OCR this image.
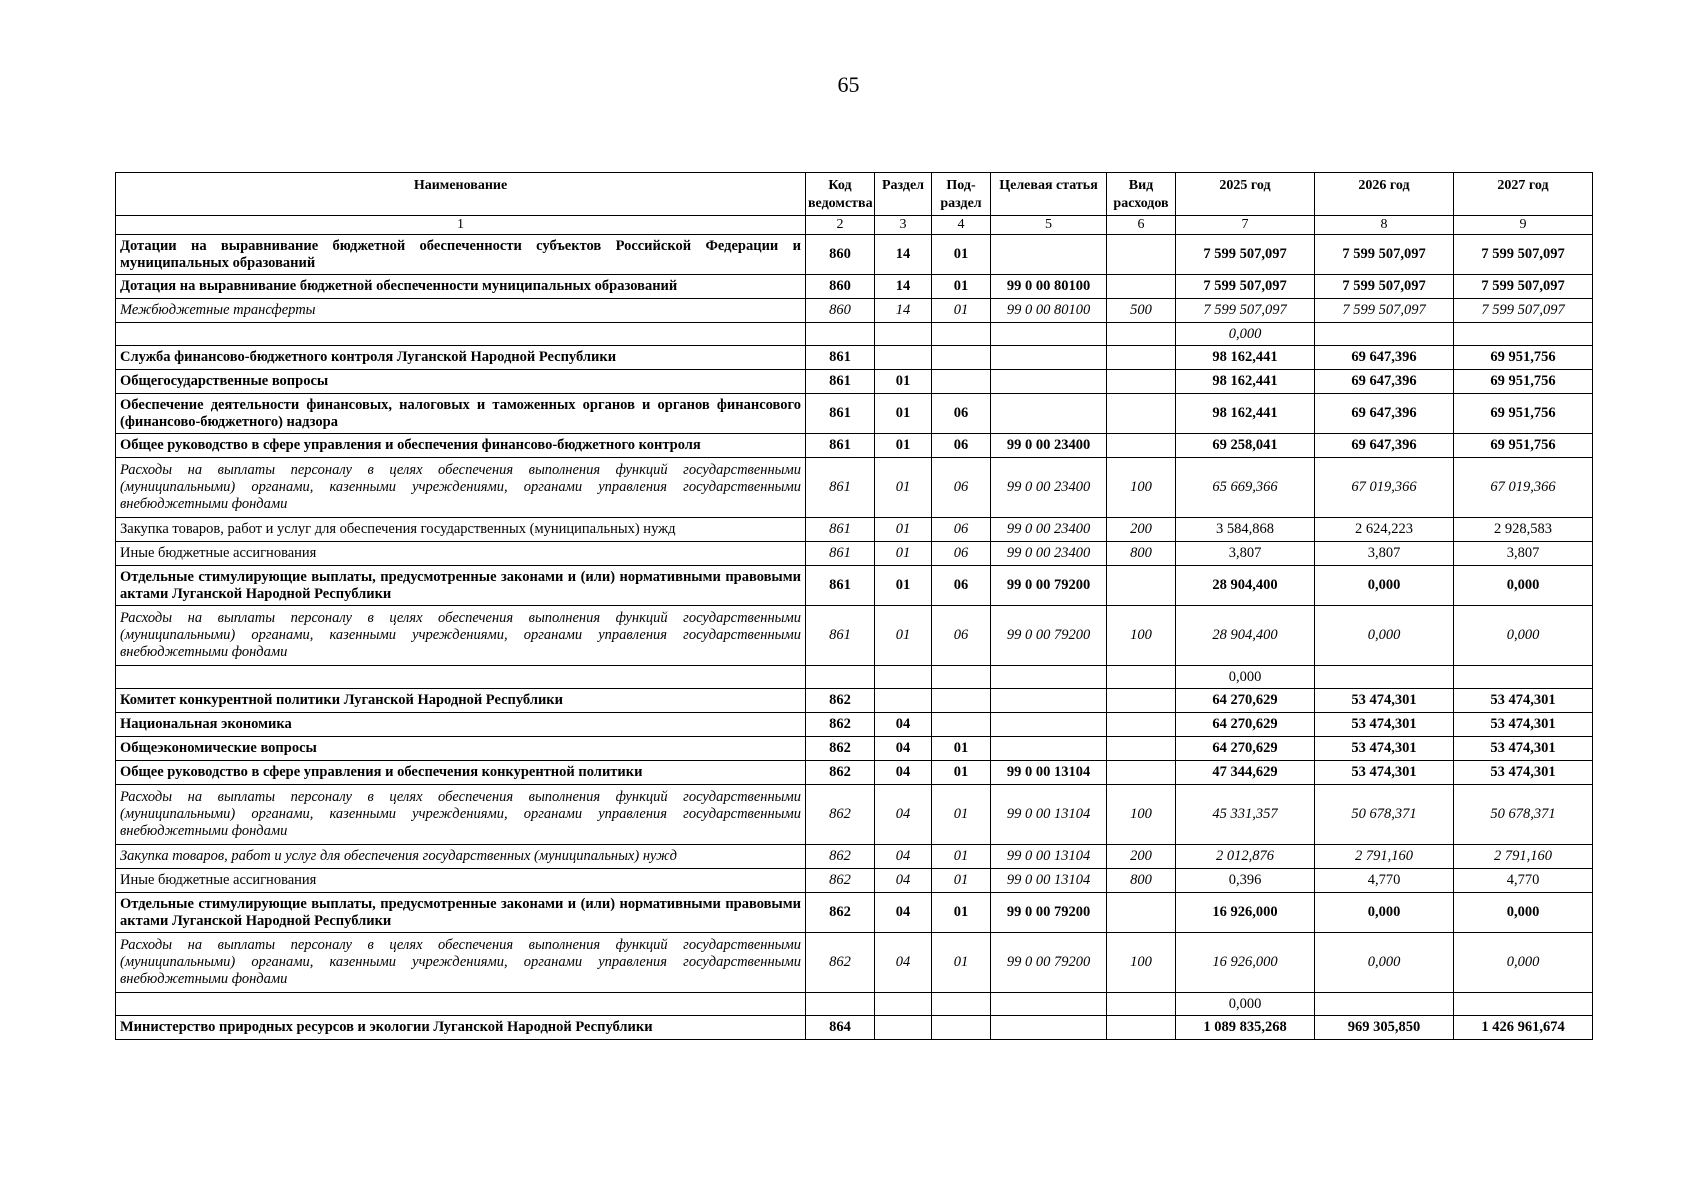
65
Наименование	Код ведомства	Раздел	Под-раздел	Целевая статья	Вид расходов	2025 год	2026 год	2027 год
1	2	3	4	5	6	7	8	9
Дотации на выравнивание бюджетной обеспеченности субъектов Российской Федерации и муниципальных образований	860	14	01			7 599 507,097	7 599 507,097	7 599 507,097
Дотация на выравнивание бюджетной обеспеченности муниципальных образований	860	14	01	99 0 00 80100		7 599 507,097	7 599 507,097	7 599 507,097
Межбюджетные трансферты	860	14	01	99 0 00 80100	500	7 599 507,097	7 599 507,097	7 599 507,097
						0,000		
Служба финансово-бюджетного контроля Луганской Народной Республики	861					98 162,441	69 647,396	69 951,756
Общегосударственные вопросы	861	01				98 162,441	69 647,396	69 951,756
Обеспечение деятельности финансовых, налоговых и таможенных органов и органов финансового (финансово-бюджетного) надзора	861	01	06			98 162,441	69 647,396	69 951,756
Общее руководство в сфере управления и обеспечения финансово-бюджетного контроля	861	01	06	99 0 00 23400		69 258,041	69 647,396	69 951,756
Расходы на выплаты персоналу в целях обеспечения выполнения функций государственными (муниципальными) органами, казенными учреждениями, органами управления государственными внебюджетными фондами	861	01	06	99 0 00 23400	100	65 669,366	67 019,366	67 019,366
Закупка товаров, работ и услуг для обеспечения государственных (муниципальных) нужд	861	01	06	99 0 00 23400	200	3 584,868	2 624,223	2 928,583
Иные бюджетные ассигнования	861	01	06	99 0 00 23400	800	3,807	3,807	3,807
Отдельные стимулирующие выплаты, предусмотренные законами и (или) нормативными правовыми актами Луганской Народной Республики	861	01	06	99 0 00 79200		28 904,400	0,000	0,000
Расходы на выплаты персоналу в целях обеспечения выполнения функций государственными (муниципальными) органами, казенными учреждениями, органами управления государственными внебюджетными фондами	861	01	06	99 0 00 79200	100	28 904,400	0,000	0,000
						0,000		
Комитет конкурентной политики Луганской Народной Республики	862					64 270,629	53 474,301	53 474,301
Национальная экономика	862	04				64 270,629	53 474,301	53 474,301
Общеэкономические вопросы	862	04	01			64 270,629	53 474,301	53 474,301
Общее руководство в сфере управления и обеспечения конкурентной политики	862	04	01	99 0 00 13104		47 344,629	53 474,301	53 474,301
Расходы на выплаты персоналу в целях обеспечения выполнения функций государственными (муниципальными) органами, казенными учреждениями, органами управления государственными внебюджетными фондами	862	04	01	99 0 00 13104	100	45 331,357	50 678,371	50 678,371
Закупка товаров, работ и услуг для обеспечения государственных (муниципальных) нужд	862	04	01	99 0 00 13104	200	2 012,876	2 791,160	2 791,160
Иные бюджетные ассигнования	862	04	01	99 0 00 13104	800	0,396	4,770	4,770
Отдельные стимулирующие выплаты, предусмотренные законами и (или) нормативными правовыми актами Луганской Народной Республики	862	04	01	99 0 00 79200		16 926,000	0,000	0,000
Расходы на выплаты персоналу в целях обеспечения выполнения функций государственными (муниципальными) органами, казенными учреждениями, органами управления государственными внебюджетными фондами	862	04	01	99 0 00 79200	100	16 926,000	0,000	0,000
						0,000		
Министерство природных ресурсов и экологии Луганской Народной Республики	864					1 089 835,268	969 305,850	1 426 961,674
